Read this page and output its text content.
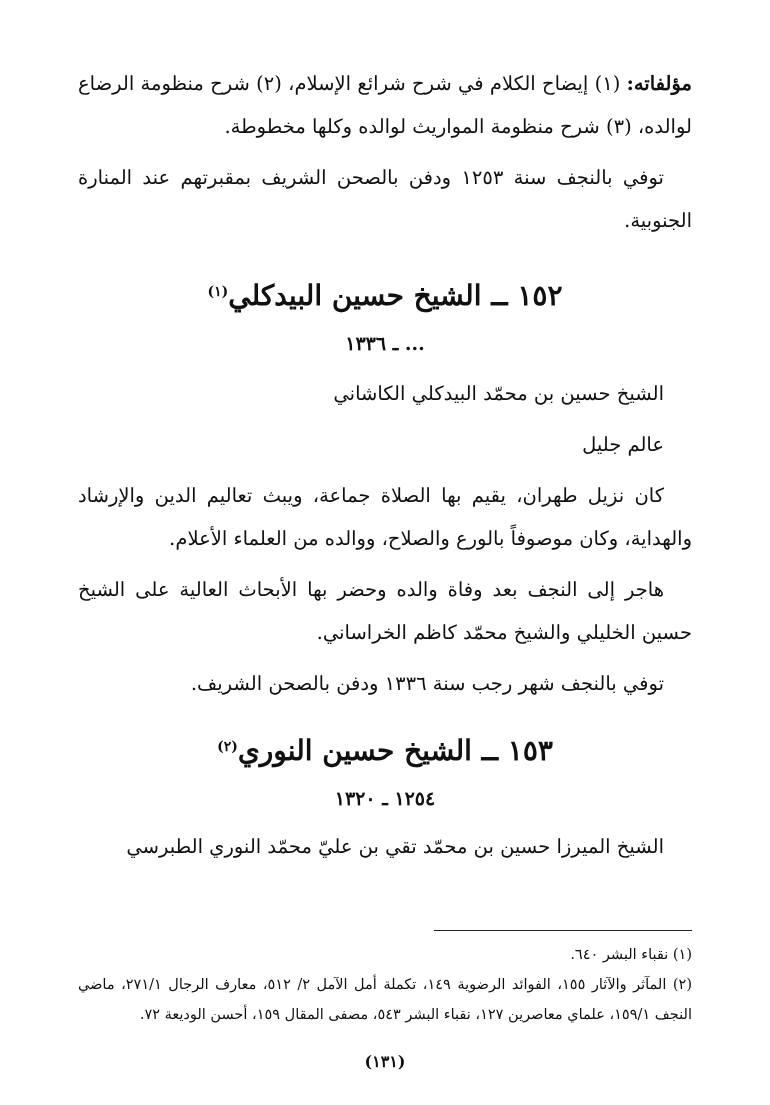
مؤلفاته: (١) إيضاح الكلام في شرح شرائع الإسلام، (٢) شرح منظومة الرضاع لوالده، (٣) شرح منظومة المواريث لوالده وكلها مخطوطة.

توفي بالنجف سنة ١٢٥٣ ودفن بالصحن الشريف بمقبرتهم عند المنارة الجنوبية.

١٥٢ ــ الشيخ حسين البيدكلي$^{(١)}$
... ـ ١٣٣٦

الشيخ حسين بن محمّد البيدكلي الكاشاني

عالم جليل

كان نزيل طهران، يقيم بها الصلاة جماعة، ويبث تعاليم الدين والإرشاد والهداية، وكان موصوفاً بالورع والصلاح، ووالده من العلماء الأعلام.

هاجر إلى النجف بعد وفاة والده وحضر بها الأبحاث العالية على الشيخ حسين الخليلي والشيخ محمّد كاظم الخراساني.

توفي بالنجف شهر رجب سنة ١٣٣٦ ودفن بالصحن الشريف.

١٥٣ ــ الشيخ حسين النوري$^{(٢)}$
١٢٥٤ ـ ١٣٢٠

الشيخ الميرزا حسين بن محمّد تقي بن عليّ محمّد النوري الطبرسي

(١) نقباء البشر ٦٤٠.

(٢) المآثر والآثار ١٥٥، الفوائد الرضوية ١٤٩، تكملة أمل الآمل ٢/ ٥١٢، معارف الرجال ٢٧١/١، ماضي النجف ١٥٩/١، علماي معاصرين ١٢٧، نقباء البشر ٥٤٣، مصفى المقال ١٥٩، أحسن الوديعة ٧٢.

(١٣١)
